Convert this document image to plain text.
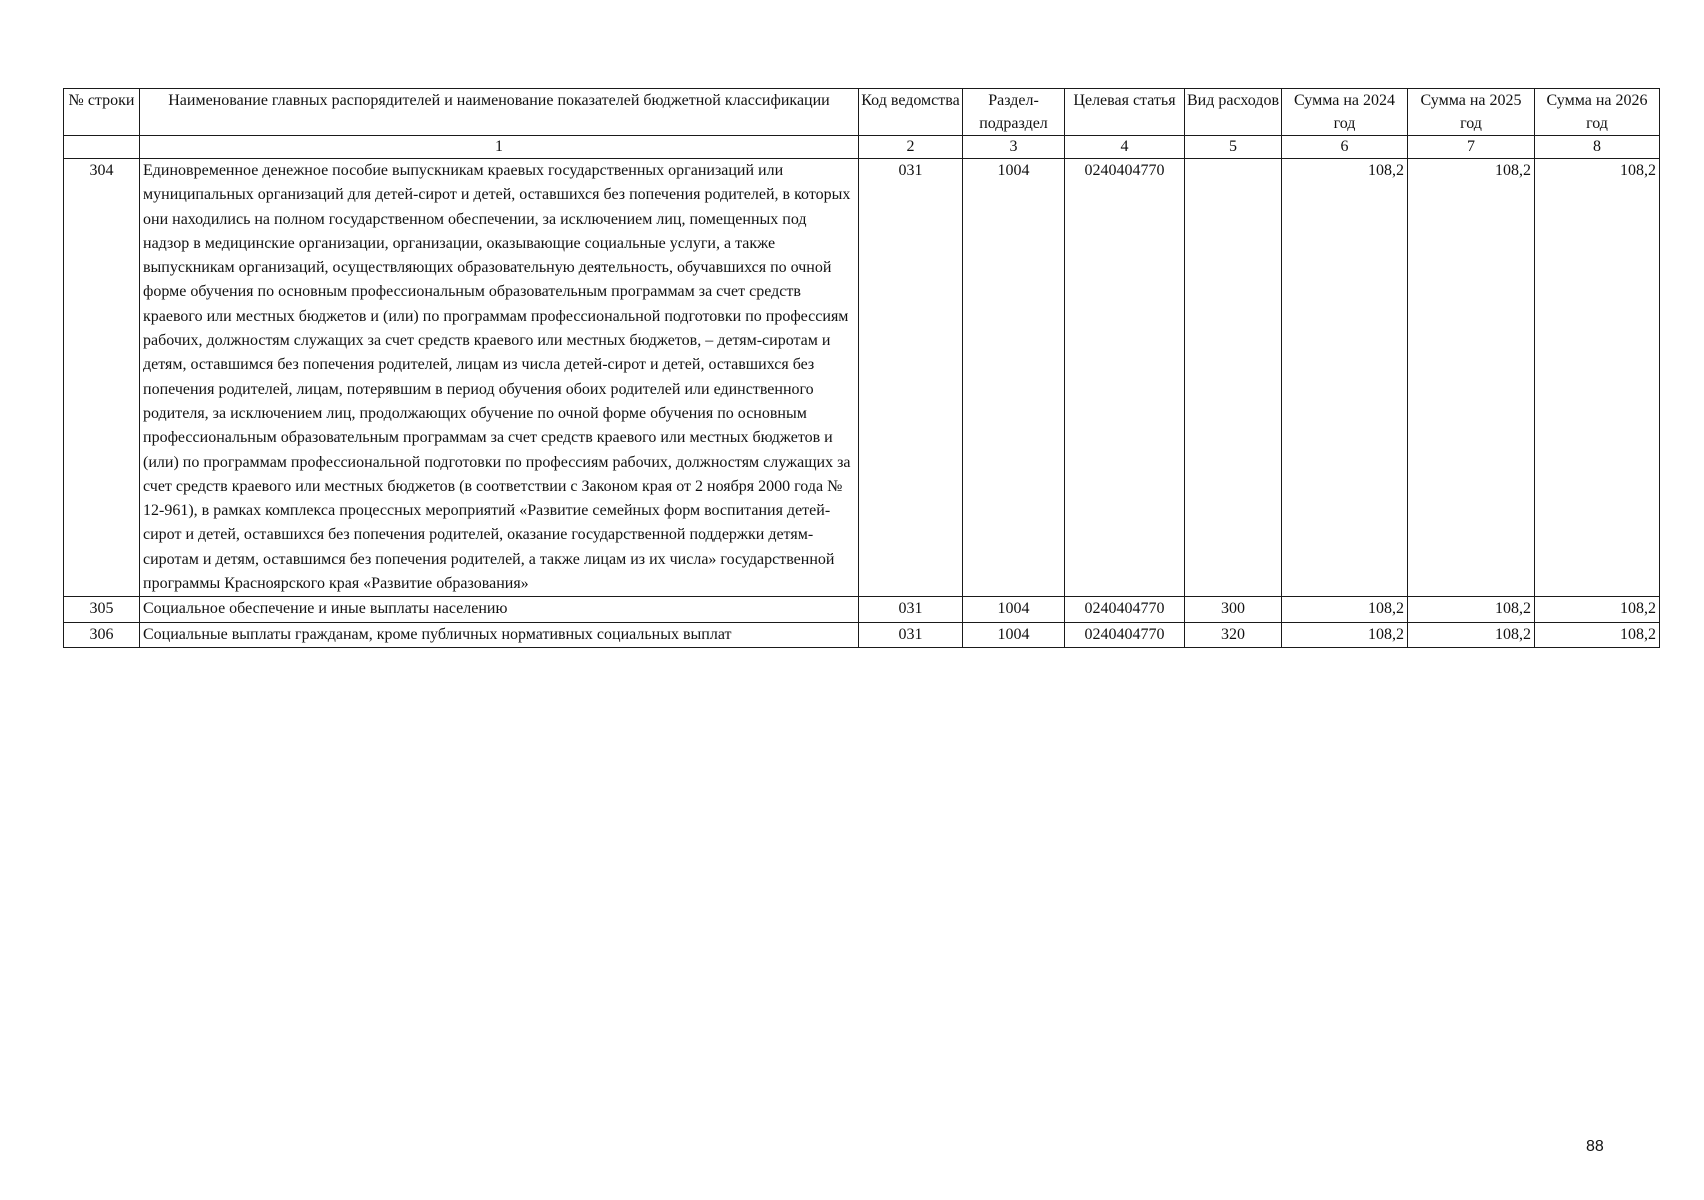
№ строки	Наименование главных распорядителей и наименование показателей бюджетной классификации	Код ведомства	Раздел-подраздел	Целевая статья	Вид расходов	Сумма на 2024 год	Сумма на 2025 год	Сумма на 2026 год
	1	2	3	4	5	6	7	8
304	Единовременное денежное пособие выпускникам краевых государственных организаций или муниципальных организаций для детей-сирот и детей, оставшихся без попечения родителей, в которых они находились на полном государственном обеспечении, за исключением лиц, помещенных под надзор в медицинские организации, организации, оказывающие социальные услуги, а также выпускникам организаций, осуществляющих образовательную деятельность, обучавшихся по очной форме обучения по основным профессиональным образовательным программам за счет средств краевого или местных бюджетов и (или) по программам профессиональной подготовки по профессиям рабочих, должностям служащих за счет средств краевого или местных бюджетов, – детям-сиротам и детям, оставшимся без попечения родителей, лицам из числа детей-сирот и детей, оставшихся без попечения родителей, лицам, потерявшим в период обучения обоих родителей или единственного родителя, за исключением лиц, продолжающих обучение по очной форме обучения по основным профессиональным образовательным программам за счет средств краевого или местных бюджетов и (или) по программам профессиональной подготовки по профессиям рабочих, должностям служащих за счет средств краевого или местных бюджетов (в соответствии с Законом края от 2 ноября 2000 года № 12-961), в рамках комплекса процессных мероприятий «Развитие семейных форм воспитания детей-сирот и детей, оставшихся без попечения родителей, оказание государственной поддержки детям-сиротам и детям, оставшимся без попечения родителей, а также лицам из их числа» государственной программы Красноярского края «Развитие образования»	031	1004	0240404770		108,2	108,2	108,2
305	Социальное обеспечение и иные выплаты населению	031	1004	0240404770	300	108,2	108,2	108,2
306	Социальные выплаты гражданам, кроме публичных нормативных социальных выплат	031	1004	0240404770	320	108,2	108,2	108,2
88
